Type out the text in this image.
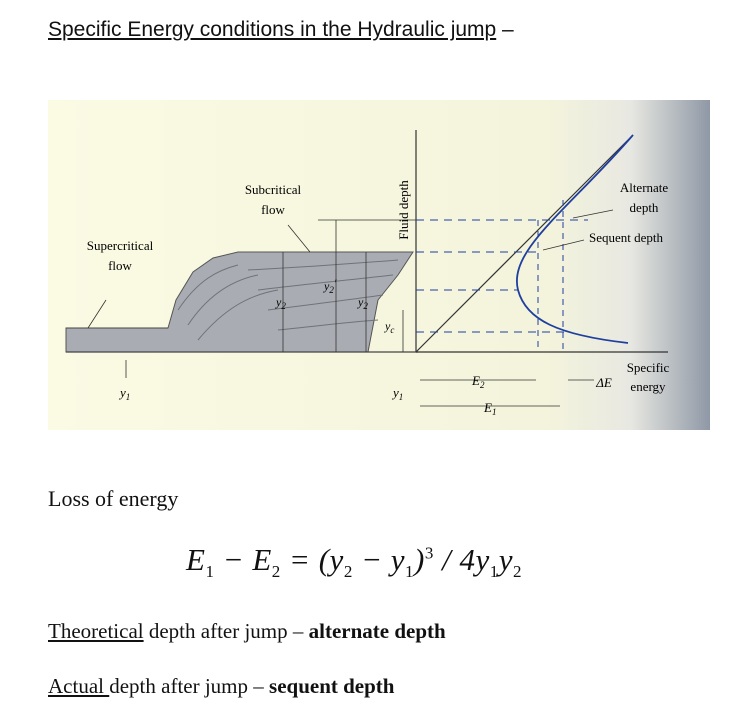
Specific Energy conditions in the Hydraulic jump –
Subcritical
flow
Supercritical
flow
Fluid depth	Alternate
depth
Sequent depth
Specific
energy
ΔE
$y_1$	$y_1$
$y_2$
$y_2'$
$y_2$
$y_c$
$E_2$
$E_1$
Loss of energy
$E_1 - E_2 = (y_2 - y_1)^3 / 4y_1y_2$
Theoretical depth after jump – alternate depth
Actual depth after jump – sequent depth
